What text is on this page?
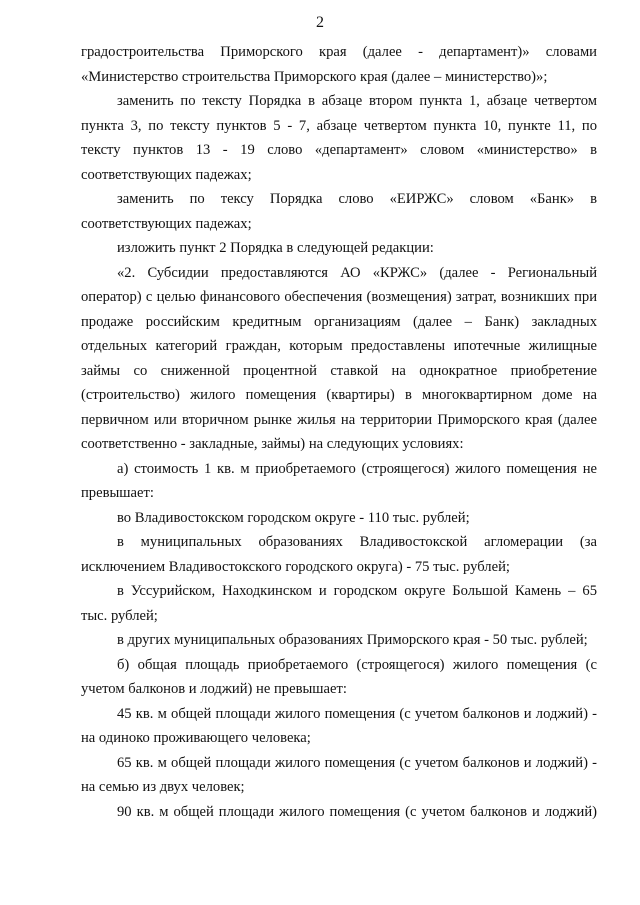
2

градостроительства Приморского края (далее - департамент)» словами «Министерство строительства Приморского края (далее – министерство)»;

заменить по тексту Порядка в абзаце втором пункта 1, абзаце четвертом пункта 3, по тексту пунктов 5 - 7, абзаце четвертом пункта 10, пункте 11, по тексту пунктов 13 - 19 слово «департамент» словом «министерство» в соответствующих падежах;

заменить по тексу Порядка слово «ЕИРЖС» словом «Банк» в соответствующих падежах;

изложить пункт 2 Порядка в следующей редакции:

«2. Субсидии предоставляются АО «КРЖС» (далее - Региональный оператор) с целью финансового обеспечения (возмещения) затрат, возникших при продаже российским кредитным организациям (далее – Банк) закладных отдельных категорий граждан, которым предоставлены ипотечные жилищные займы со сниженной процентной ставкой на однократное приобретение (строительство) жилого помещения (квартиры) в многоквартирном доме на первичном или вторичном рынке жилья на территории Приморского края (далее соответственно - закладные, займы) на следующих условиях:

а) стоимость 1 кв. м приобретаемого (строящегося) жилого помещения не превышает:

во Владивостокском городском округе - 110 тыс. рублей;

в муниципальных образованиях Владивостокской агломерации (за исключением Владивостокского городского округа) - 75 тыс. рублей;

в Уссурийском, Находкинском и городском округе Большой Камень – 65 тыс. рублей;

в других муниципальных образованиях Приморского края - 50 тыс. рублей;

б) общая площадь приобретаемого (строящегося) жилого помещения (с учетом балконов и лоджий) не превышает:

45 кв. м общей площади жилого помещения (с учетом балконов и лоджий) - на одиноко проживающего человека;

65 кв. м общей площади жилого помещения (с учетом балконов и лоджий) - на семью из двух человек;

90 кв. м общей площади жилого помещения (с учетом балконов и лоджий)
